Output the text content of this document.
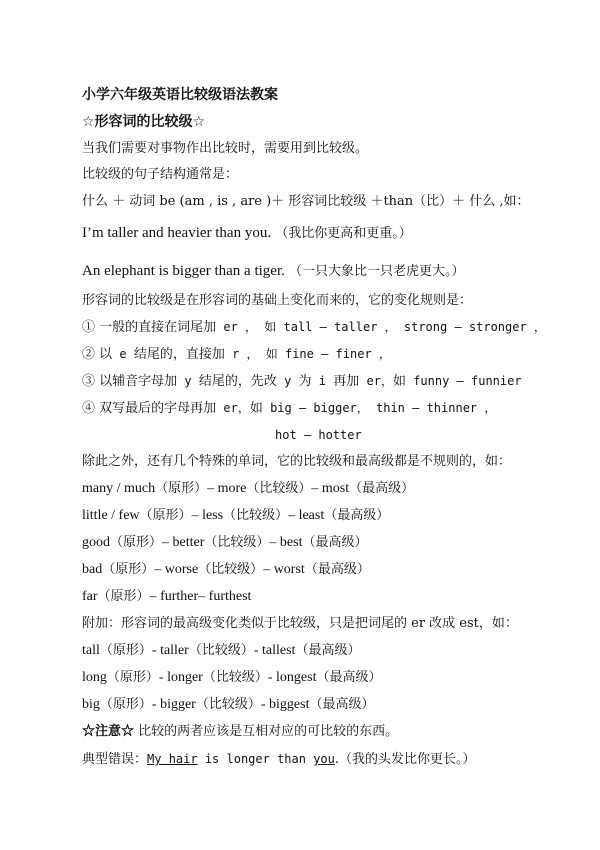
小学六年级英语比较级语法教案
☆形容词的比较级☆
当我们需要对事物作出比较时，需要用到比较级。
比较级的句子结构通常是：
什么 ＋ 动词 be (am , is , are )＋ 形容词比较级 ＋than（比）＋ 什么 ,如：
I’m taller and heavier than you. （我比你更高和更重。）
An elephant is bigger than a tiger. （一只大象比一只老虎更大。）
形容词的比较级是在形容词的基础上变化而来的，它的变化规则是：
① 一般的直接在词尾加 er ， 如 tall – taller ， strong – stronger ，
② 以 e 结尾的，直接加 r ， 如 fine – finer ，
③ 以辅音字母加 y 结尾的，先改 y 为 i 再加 er，如 funny – funnier
④ 双写最后的字母再加 er，如 big – bigger， thin – thinner ，
hot – hotter
除此之外，还有几个特殊的单词，它的比较级和最高级都是不规则的，如：
many / much（原形）– more（比较级）– most（最高级）
little / few（原形）– less（比较级）– least（最高级）
good（原形）– better（比较级）– best（最高级）
bad（原形）– worse（比较级）– worst（最高级）
far（原形）– further– furthest
附加：形容词的最高级变化类似于比较级，只是把词尾的 er 改成 est，如：
tall（原形）- taller（比较级）- tallest（最高级）
long（原形）- longer（比较级）- longest（最高级）
big（原形）- bigger（比较级）- biggest（最高级）
☆注意☆ 比较的两者应该是互相对应的可比较的东西。
典型错误：My hair is longer than you.（我的头发比你更长。）
